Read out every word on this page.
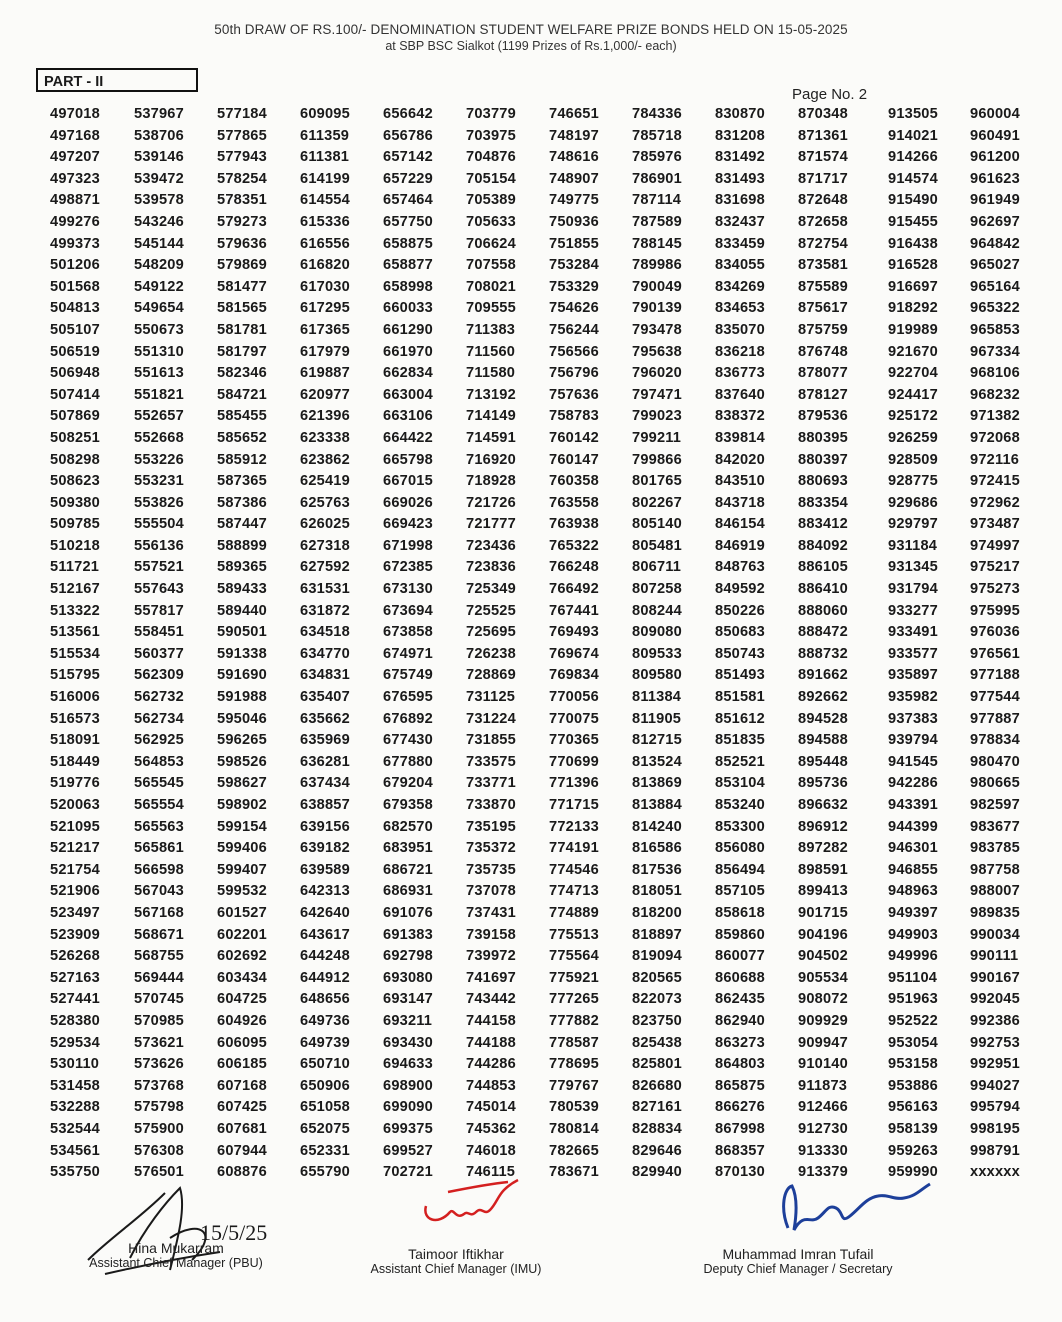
50th DRAW OF RS.100/- DENOMINATION STUDENT WELFARE PRIZE BONDS HELD ON 15-05-2025
at SBP BSC Sialkot (1199 Prizes of Rs.1,000/- each)
PART - II
Page No. 2
497018
497168
497207
497323
498871
499276
499373
501206
501568
504813
505107
506519
506948
507414
507869
508251
508298
508623
509380
509785
510218
511721
512167
513322
513561
515534
515795
516006
516573
518091
518449
519776
520063
521095
521217
521754
521906
523497
523909
526268
527163
527441
528380
529534
530110
531458
532288
532544
534561
535750
537967
538706
539146
539472
539578
543246
545144
548209
549122
549654
550673
551310
551613
551821
552657
552668
553226
553231
553826
555504
556136
557521
557643
557817
558451
560377
562309
562732
562734
562925
564853
565545
565554
565563
565861
566598
567043
567168
568671
568755
569444
570745
570985
573621
573626
573768
575798
575900
576308
576501
577184
577865
577943
578254
578351
579273
579636
579869
581477
581565
581781
581797
582346
584721
585455
585652
585912
587365
587386
587447
588899
589365
589433
589440
590501
591338
591690
591988
595046
596265
598526
598627
598902
599154
599406
599407
599532
601527
602201
602692
603434
604725
604926
606095
606185
607168
607425
607681
607944
608876
609095
611359
611381
614199
614554
615336
616556
616820
617030
617295
617365
617979
619887
620977
621396
623338
623862
625419
625763
626025
627318
627592
631531
631872
634518
634770
634831
635407
635662
635969
636281
637434
638857
639156
639182
639589
642313
642640
643617
644248
644912
648656
649736
649739
650710
650906
651058
652075
652331
655790
656642
656786
657142
657229
657464
657750
658875
658877
658998
660033
661290
661970
662834
663004
663106
664422
665798
667015
669026
669423
671998
672385
673130
673694
673858
674971
675749
676595
676892
677430
677880
679204
679358
682570
683951
686721
686931
691076
691383
692798
693080
693147
693211
693430
694633
698900
699090
699375
699527
702721
703779
703975
704876
705154
705389
705633
706624
707558
708021
709555
711383
711560
711580
713192
714149
714591
716920
718928
721726
721777
723436
723836
725349
725525
725695
726238
728869
731125
731224
731855
733575
733771
733870
735195
735372
735735
737078
737431
739158
739972
741697
743442
744158
744188
744286
744853
745014
745362
746018
746115
746651
748197
748616
748907
749775
750936
751855
753284
753329
754626
756244
756566
756796
757636
758783
760142
760147
760358
763558
763938
765322
766248
766492
767441
769493
769674
769834
770056
770075
770365
770699
771396
771715
772133
774191
774546
774713
774889
775513
775564
775921
777265
777882
778587
778695
779767
780539
780814
782665
783671
784336
785718
785976
786901
787114
787589
788145
789986
790049
790139
793478
795638
796020
797471
799023
799211
799866
801765
802267
805140
805481
806711
807258
808244
809080
809533
809580
811384
811905
812715
813524
813869
813884
814240
816586
817536
818051
818200
818897
819094
820565
822073
823750
825438
825801
826680
827161
828834
829646
829940
830870
831208
831492
831493
831698
832437
833459
834055
834269
834653
835070
836218
836773
837640
838372
839814
842020
843510
843718
846154
846919
848763
849592
850226
850683
850743
851493
851581
851612
851835
852521
853104
853240
853300
856080
856494
857105
858618
859860
860077
860688
862435
862940
863273
864803
865875
866276
867998
868357
870130
870348
871361
871574
871717
872648
872658
872754
873581
875589
875617
875759
876748
878077
878127
879536
880395
880397
880693
883354
883412
884092
886105
886410
888060
888472
888732
891662
892662
894528
894588
895448
895736
896632
896912
897282
898591
899413
901715
904196
904502
905534
908072
909929
909947
910140
911873
912466
912730
913330
913379
913505
914021
914266
914574
915490
915455
916438
916528
916697
918292
919989
921670
922704
924417
925172
926259
928509
928775
929686
929797
931184
931345
931794
933277
933491
933577
935897
935982
937383
939794
941545
942286
943391
944399
946301
946855
948963
949397
949903
949996
951104
951963
952522
953054
953158
953886
956163
958139
959263
959990
960004
960491
961200
961623
961949
962697
964842
965027
965164
965322
965853
967334
968106
968232
971382
972068
972116
972415
972962
973487
974997
975217
975273
975995
976036
976561
977188
977544
977887
978834
980470
980665
982597
983677
983785
987758
988007
989835
990034
990111
990167
992045
992386
992753
992951
994027
995794
998195
998791
xxxxxx
15/5/25
Hina Mukarram
Assistant Chief Manager (PBU)
Taimoor Iftikhar
Assistant Chief Manager (IMU)
Muhammad Imran Tufail
Deputy Chief Manager / Secretary
